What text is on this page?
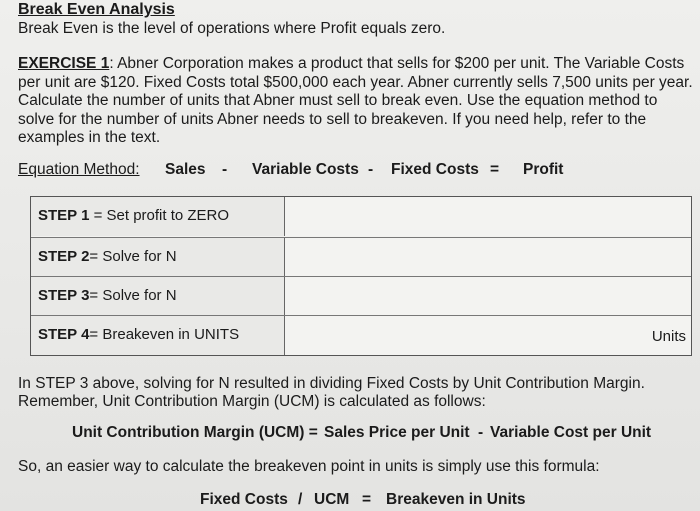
Break Even Analysis
Break Even is the level of operations where Profit equals zero.
EXERCISE 1: Abner Corporation makes a product that sells for $200 per unit. The Variable Costs per unit are $120. Fixed Costs total $500,000 each year. Abner currently sells 7,500 units per year. Calculate the number of units that Abner must sell to break even. Use the equation method to solve for the number of units Abner needs to sell to breakeven. If you need help, refer to the examples in the text.
Equation Method: Sales - Variable Costs - Fixed Costs = Profit
STEP 1 = Set profit to ZERO
STEP 2= Solve for N
STEP 3= Solve for N
STEP 4= Breakeven in UNITS	Units
In STEP 3 above, solving for N resulted in dividing Fixed Costs by Unit Contribution Margin. Remember, Unit Contribution Margin (UCM) is calculated as follows:
Unit Contribution Margin (UCM) = Sales Price per Unit - Variable Cost per Unit
So, an easier way to calculate the breakeven point in units is simply use this formula:
Fixed Costs / UCM = Breakeven in Units
